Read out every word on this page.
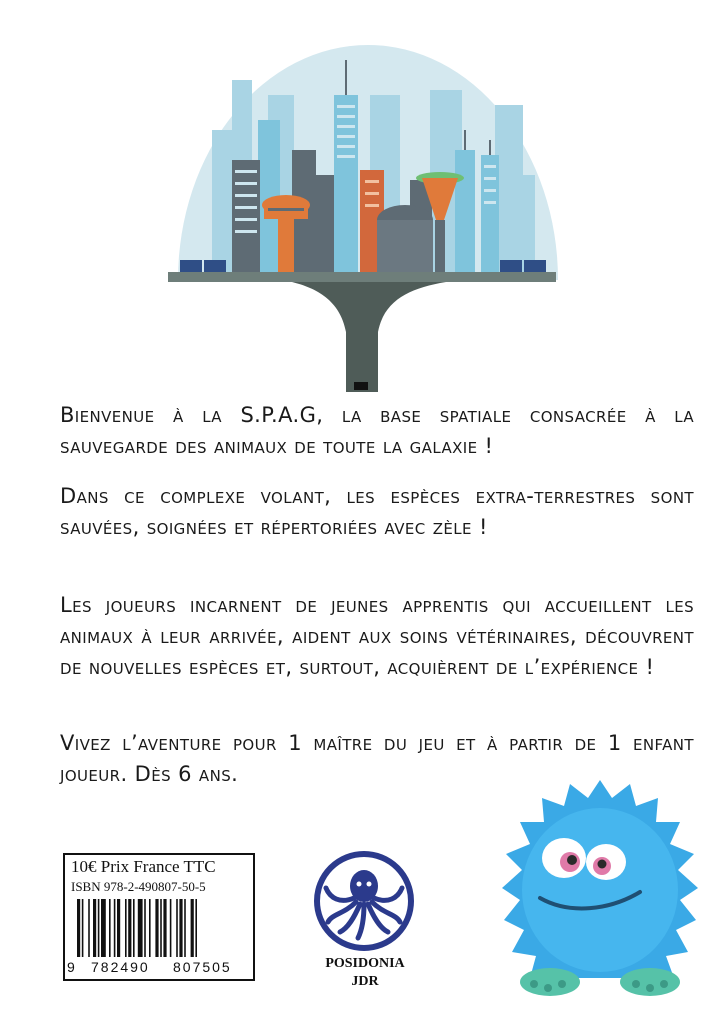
Bienvenue à la S.P.A.G, la base spatiale consacrée à la sauvegarde des animaux de toute la galaxie !

Dans ce complexe volant, les espèces extra-terrestres sont sauvées, soignées et répertoriées avec zèle !

Les joueurs incarnent de jeunes apprentis qui accueillent les animaux à leur arrivée, aident aux soins vétérinaires, découvrent de nouvelles espèces et, surtout, acquièrent de l’expérience !

Vivez l’aventure pour 1 maître du jeu et à partir de 1 enfant joueur. Dès 6 ans.

10€ Prix France TTC
ISBN 978-2-490807-50-5
9 782490 807505	POSIDONIA
JDR
